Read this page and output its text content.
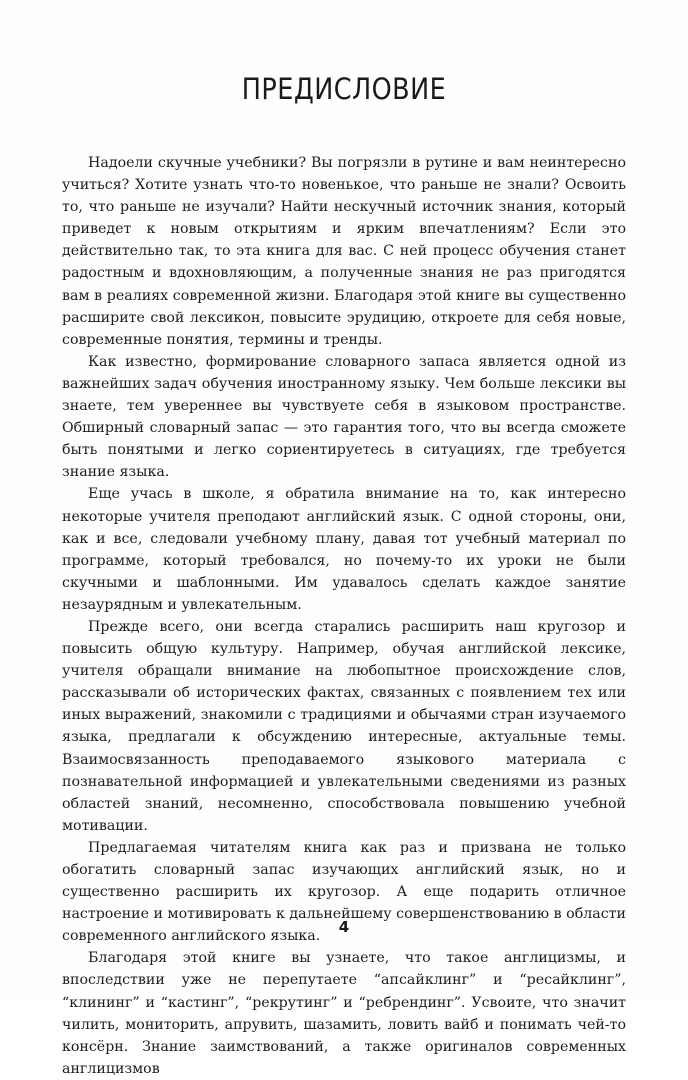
ПРЕДИСЛОВИЕ

Надоели скучные учебники? Вы погрязли в рутине и вам неинтересно учиться? Хотите узнать что-то новенькое, что раньше не знали? Освоить то, что раньше не изучали? Найти нескучный источник знания, который приведет к новым открытиям и ярким впечатлениям? Если это действительно так, то эта книга для вас. С ней процесс обучения станет радостным и вдохновляющим, а полученные знания не раз пригодятся вам в реалиях современной жизни. Благодаря этой книге вы существенно расширите свой лексикон, повысите эрудицию, откроете для себя новые, современные понятия, термины и тренды.

Как известно, формирование словарного запаса является одной из важнейших задач обучения иностранному языку. Чем больше лексики вы знаете, тем увереннее вы чувствуете себя в языковом пространстве. Обширный словарный запас — это гарантия того, что вы всегда сможете быть понятыми и легко сориентируетесь в ситуациях, где требуется знание языка.

Еще учась в школе, я обратила внимание на то, как интересно некоторые учителя преподают английский язык. С одной стороны, они, как и все, следовали учебному плану, давая тот учебный материал по программе, который требовался, но почему-то их уроки не были скучными и шаблонными. Им удавалось сделать каждое занятие незаурядным и увлекательным.

Прежде всего, они всегда старались расширить наш кругозор и повысить общую культуру. Например, обучая английской лексике, учителя обращали внимание на любопытное происхождение слов, рассказывали об исторических фактах, связанных с появлением тех или иных выражений, знакомили с традициями и обычаями стран изучаемого языка, предлагали к обсуждению интересные, актуальные темы. Взаимосвязанность преподаваемого языкового материала с познавательной информацией и увлекательными сведениями из разных областей знаний, несомненно, способствовала повышению учебной мотивации.

Предлагаемая читателям книга как раз и призвана не только обогатить словарный запас изучающих английский язык, но и существенно расширить их кругозор. А еще подарить отличное настроение и мотивировать к дальнейшему совершенствованию в области современного английского языка.

Благодаря этой книге вы узнаете, что такое англицизмы, и впоследствии уже не перепутаете “апсайклинг” и “ресайклинг”, “клининг” и “кастинг”, “рекрутинг” и “ребрендинг”. Усвоите, что значит чилить, мониторить, апрувить, шазамить, ловить вайб и понимать чей-то консёрн. Знание заимствований, а также оригиналов современных англицизмов

4
